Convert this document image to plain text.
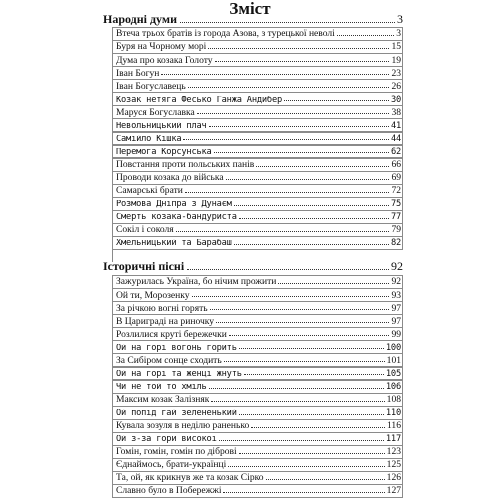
Зміст
Народні думи	3
Втеча трьох братів із города Азова, з турецької неволі	3
Буря на Чорному морі	15
Дума про козака Голоту	19
Іван Богун	23
Іван Богуславець	26
Козак нетяга Фесько Ганжа Андибер	30
Маруся Богуславка	38
Невольницький плач	41
Самійло Кішка	44
Перемога Корсунська	62
Повстання проти польських панів	66
Проводи козака до війська	69
Самарські брати	72
Розмова Дніпра з Дунаєм	75
Смерть козака-бандуриста	77
Сокіл і соколя	79
Хмельницький та Барабаш	82
Історичні пісні	92
Зажурилась Україна, бо нічим прожити	92
Ой ти, Морозенку	93
За річкою вогні горять	97
В Цариградi на риночку	97
Розлилися круті бережечки	99
Ой на горі вогонь горить	100
За Сибіром сонце сходить	101
Ой на горі та женці жнуть	105
Чи не той то хміль	106
Максим козак Залізняк	108
Ой попід гай зелененький	110
Кувала зозуля в неділю раненько	116
Ой з-за гори високої	117
Гомін, гомін, гомін по діброві	123
Єднаймось, брати-українці	125
Та, ой, як крикнув же та козак Сірко	126
Славно було в Побережжі	127
